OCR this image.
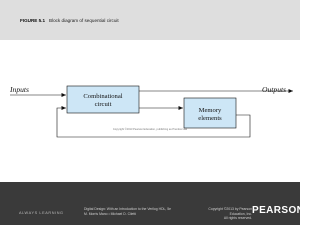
FIGURE 5.1 Block diagram of sequential circuit
Inputs
Combinational
circuit
Outputs
Memory
elements
Copyright ©2013 Pearson Education, publishing as Prentice Hall
ALWAYS LEARNING
Digital Design: With an Introduction to the Verilog HDL, 5e
M. Morris Mano • Michael D. Ciletti
Copyright ©2013 by Pearson Education, Inc.
All rights reserved.
PEARSON
